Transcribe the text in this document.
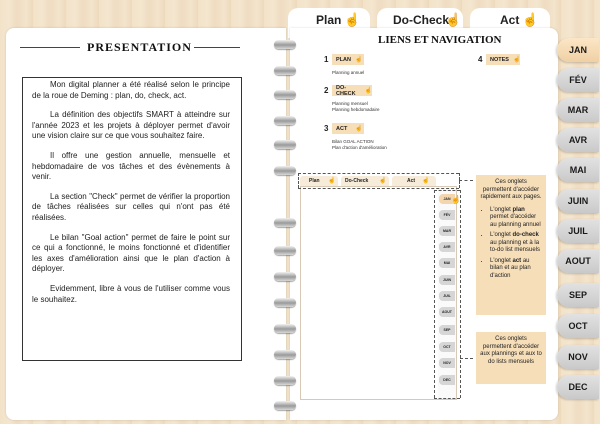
Plan ☝	Do-Check
☝	Act ☝
JAN
FÉV
MAR
AVR
MAI
JUIN
JUIL
AOUT
SEP
OCT
NOV
DEC
PRESENTATION

Mon digital planner a été réalisé selon le principe de la roue de Deming : plan, do, check, act.

La définition des objectifs SMART à atteindre sur l'année 2023 et les projets à déployer permet d'avoir une vision claire sur ce que vous souhaitez faire.

Il offre une gestion annuelle, mensuelle et hebdomadaire de vos tâches et des évènements à venir.

La section "Check" permet de vérifier la proportion de tâches réalisées sur celles qui n'ont pas été réalisées.

Le bilan "Goal action" permet de faire le point sur ce qui a fonctionné, le moins fonctionné et d'identifier les axes d'amélioration ainsi que le plan d'action à déployer.

Evidemment, libre à vous de l'utiliser comme vous le souhaitez.

LIENS ET NAVIGATION
1 PLAN ☝
Planning annuel
2 DO-CHECK	☝
Planning mensuel
Planning hebdomadaire
3 ACT ☝
Bilan GOAL ACTION
Plan d'action d'amélioration
4 NOTES ☝
Plan ☝ Do-Check ☝	Act ☝
JAN ☝
FÉV
MAR
AVR
MAI
JUIN
JUIL
AOUT
SEP
OCT
NOV
DEC
Ces onglets permettent d'accéder rapidement aux pages.
• L'onglet plan permet d'accéder au planning annuel
• L'onglet do-check au planning et à la to-do list mensuels
• L'onglet act au bilan et au plan d'action
Ces onglets permettent d'accéder aux plannings et aux to do lists mensuels
